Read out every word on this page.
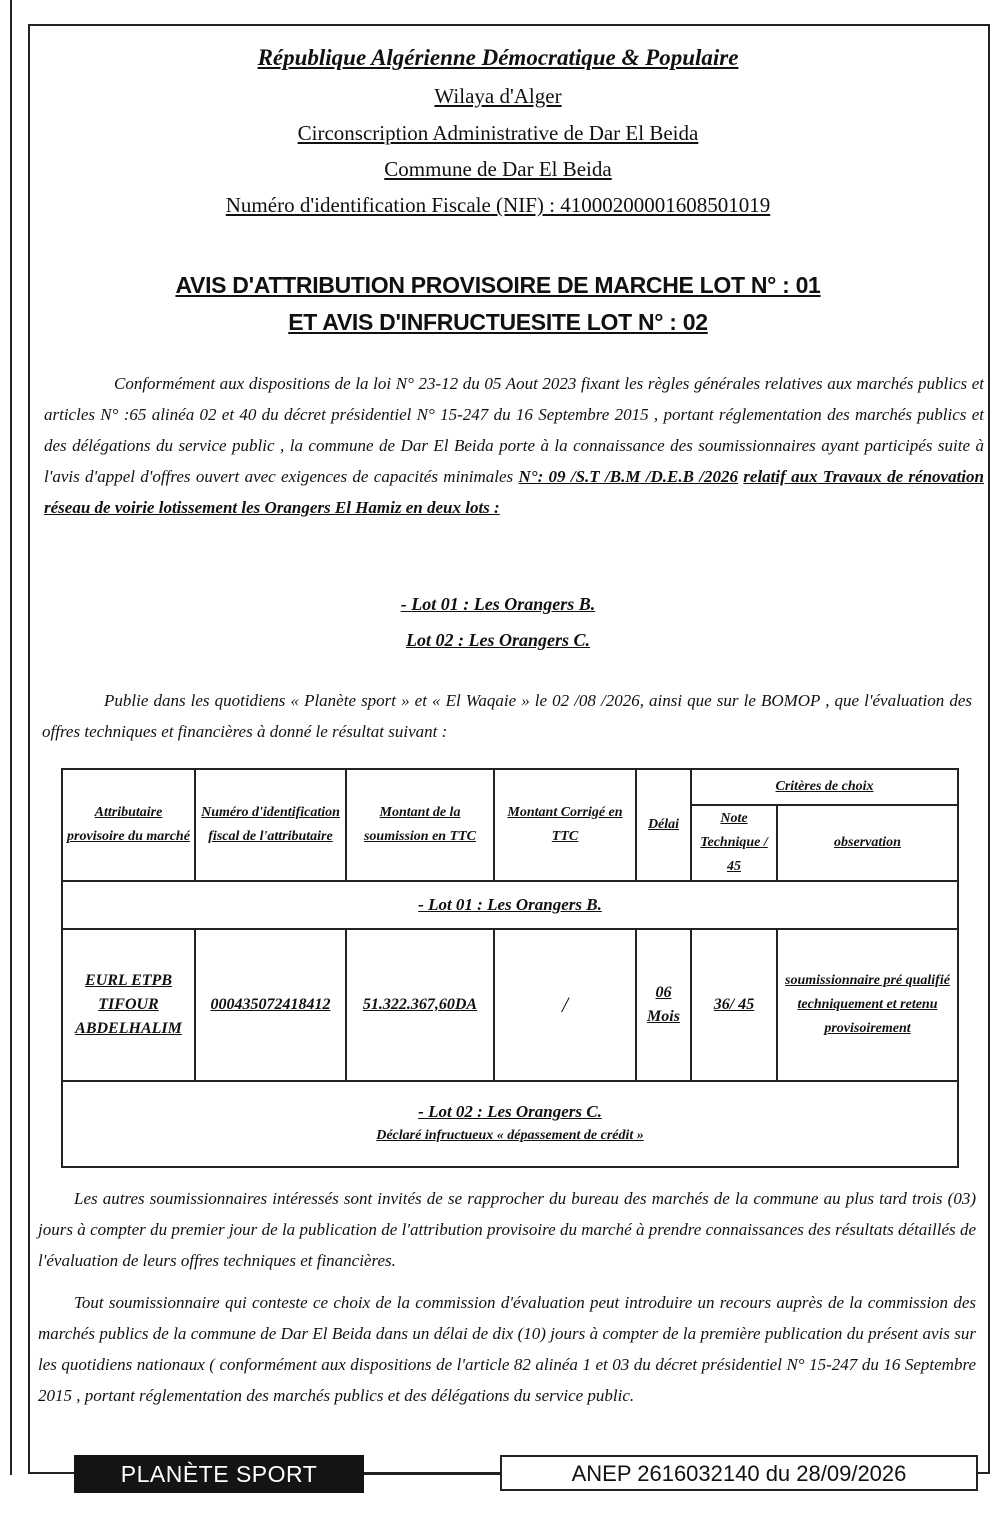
République Algérienne Démocratique & Populaire
Wilaya d'Alger
Circonscription Administrative de Dar El Beida
Commune de Dar El Beida
Numéro d'identification Fiscale (NIF) : 410002000016085​01019
AVIS D'ATTRIBUTION PROVISOIRE DE MARCHE LOT N° : 01
ET AVIS D'INFRUCTUESITE LOT N° : 02
Conformément aux dispositions de la loi N° 23-12 du 05 Aout 2023 fixant les règles générales relatives aux marchés publics et articles N° :65 alinéa 02 et 40 du décret présidentiel N° 15-247 du 16 Septembre 2015 , portant réglementation des marchés publics et des délégations du service public , la commune de Dar El Beida porte à la connaissance des soumissionnaires ayant participés suite à l'avis d'appel d'offres ouvert avec exigences de capacités minimales N°: 09 /S.T /B.M /D.E.B /2026 relatif aux Travaux de rénovation réseau de voirie lotissement les Orangers El Hamiz en deux lots :
- Lot 01 : Les Orangers B.
Lot 02 : Les Orangers C.
Publie dans les quotidiens « Planète sport » et « El Waqaie » le 02 /08 /2026, ainsi que sur le BOMOP , que l'évaluation des offres techniques et financières à donné le résultat suivant :
Attributaire provisoire du marché	Numéro d'identification fiscal de l'attributaire	Montant de la soumission en TTC	Montant Corrigé en TTC	Délai	Critères de choix	
					Note Technique / 45	observation
- Lot 01 : Les Orangers B.						
EURL ETPB TIFOUR ABDELHALIM	000435072418412	51.322.367,60DA	/	06 Mois	36/ 45	soumissionnaire pré qualifié techniquement et retenu provisoirement

- Lot 02 : Les Orangers C.
Déclaré infructueux « dépassement de crédit »						
Les autres soumissionnaires intéressés sont invités de se rapprocher du bureau des marchés de la commune au plus tard trois (03) jours à compter du premier jour de la publication de l'attribution provisoire du marché à prendre connaissances des résultats détaillés de l'évaluation de leurs offres techniques et financières.
Tout soumissionnaire qui conteste ce choix de la commission d'évaluation peut introduire un recours auprès de la commission des marchés publics de la commune de Dar El Beida dans un délai de dix (10) jours à compter de la première publication du présent avis sur les quotidiens nationaux ( conformément aux dispositions de l'article 82 alinéa 1 et 03 du décret présidentiel N° 15-247 du 16 Septembre 2015 , portant réglementation des marchés publics et des délégations du service public.
PLANÈTE SPORT	ANEP 2616032140 du 28/09/2026
